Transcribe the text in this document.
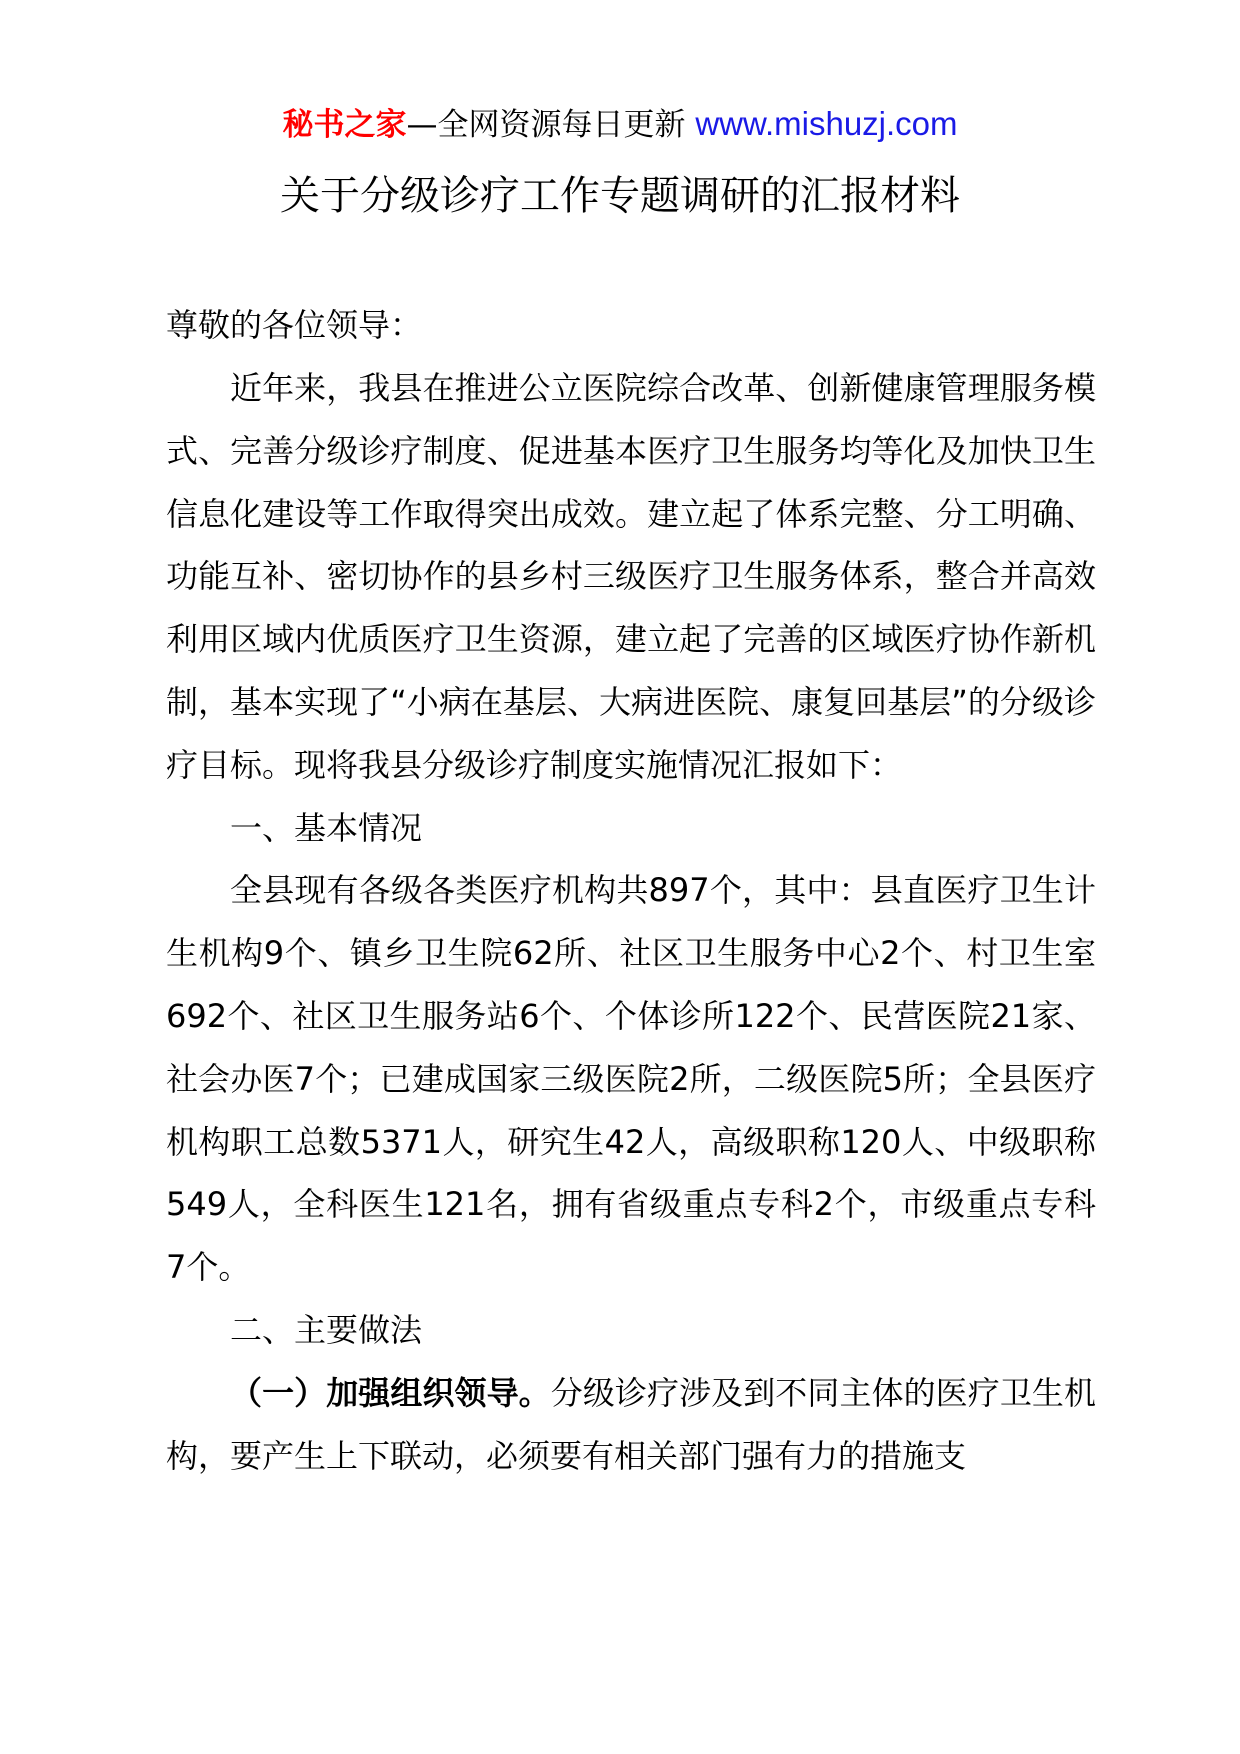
秘书之家—全网资源每日更新 www.mishuzj.com
关于分级诊疗工作专题调研的汇报材料
尊敬的各位领导：

近年来，我县在推进公立医院综合改革、创新健康管理服务模式、完善分级诊疗制度、促进基本医疗卫生服务均等化及加快卫生信息化建设等工作取得突出成效。建立起了体系完整、分工明确、功能互补、密切协作的县乡村三级医疗卫生服务体系，整合并高效利用区域内优质医疗卫生资源，建立起了完善的区域医疗协作新机制，基本实现了“小病在基层、大病进医院、康复回基层”的分级诊疗目标。现将我县分级诊疗制度实施情况汇报如下：

一、基本情况

全县现有各级各类医疗机构共897个，其中：县直医疗卫生计生机构9个、镇乡卫生院62所、社区卫生服务中心2个、村卫生室692个、社区卫生服务站6个、个体诊所122个、民营医院21家、社会办医7个；已建成国家三级医院2所，二级医院5所；全县医疗机构职工总数5371人，研究生42人，高级职称120人、中级职称549人，全科医生121名，拥有省级重点专科2个，市级重点专科7个。

二、主要做法

（一）加强组织领导。分级诊疗涉及到不同主体的医疗卫生机构，要产生上下联动，必须要有相关部门强有力的措施支
